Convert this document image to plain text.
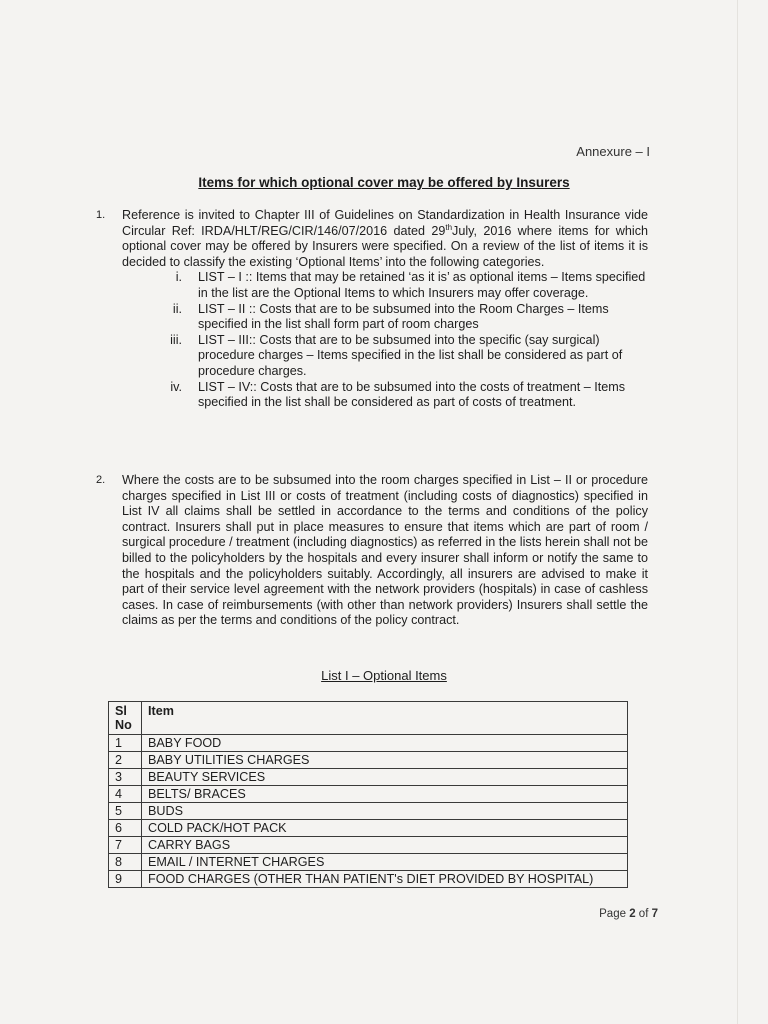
Annexure – I
Items for which optional cover may be offered by Insurers
1. Reference is invited to Chapter III of Guidelines on Standardization in Health Insurance vide Circular Ref: IRDA/HLT/REG/CIR/146/07/2016 dated 29thJuly, 2016 where items for which optional cover may be offered by Insurers were specified. On a review of the list of items it is decided to classify the existing ‘Optional Items’ into the following categories.
i. LIST – I :: Items that may be retained ‘as it is’ as optional items – Items specified in the list are the Optional Items to which Insurers may offer coverage.
ii. LIST – II :: Costs that are to be subsumed into the Room Charges – Items specified in the list shall form part of room charges
iii. LIST – III:: Costs that are to be subsumed into the specific (say surgical) procedure charges – Items specified in the list shall be considered as part of procedure charges.
iv. LIST – IV:: Costs that are to be subsumed into the costs of treatment – Items specified in the list shall be considered as part of costs of treatment.
2. Where the costs are to be subsumed into the room charges specified in List – II or procedure charges specified in List III or costs of treatment (including costs of diagnostics) specified in List IV all claims shall be settled in accordance to the terms and conditions of the policy contract. Insurers shall put in place measures to ensure that items which are part of room / surgical procedure / treatment (including diagnostics) as referred in the lists herein shall not be billed to the policyholders by the hospitals and every insurer shall inform or notify the same to the hospitals and the policyholders suitably. Accordingly, all insurers are advised to make it part of their service level agreement with the network providers (hospitals) in case of cashless cases. In case of reimbursements (with other than network providers) Insurers shall settle the claims as per the terms and conditions of the policy contract.
List I – Optional Items
Sl
No	Item
1	BABY FOOD
2	BABY UTILITIES CHARGES
3	BEAUTY SERVICES
4	BELTS/ BRACES
5	BUDS
6	COLD PACK/HOT PACK
7	CARRY BAGS
8	EMAIL / INTERNET CHARGES
9	FOOD CHARGES (OTHER THAN PATIENT's DIET PROVIDED BY HOSPITAL)
Page 2 of 7
